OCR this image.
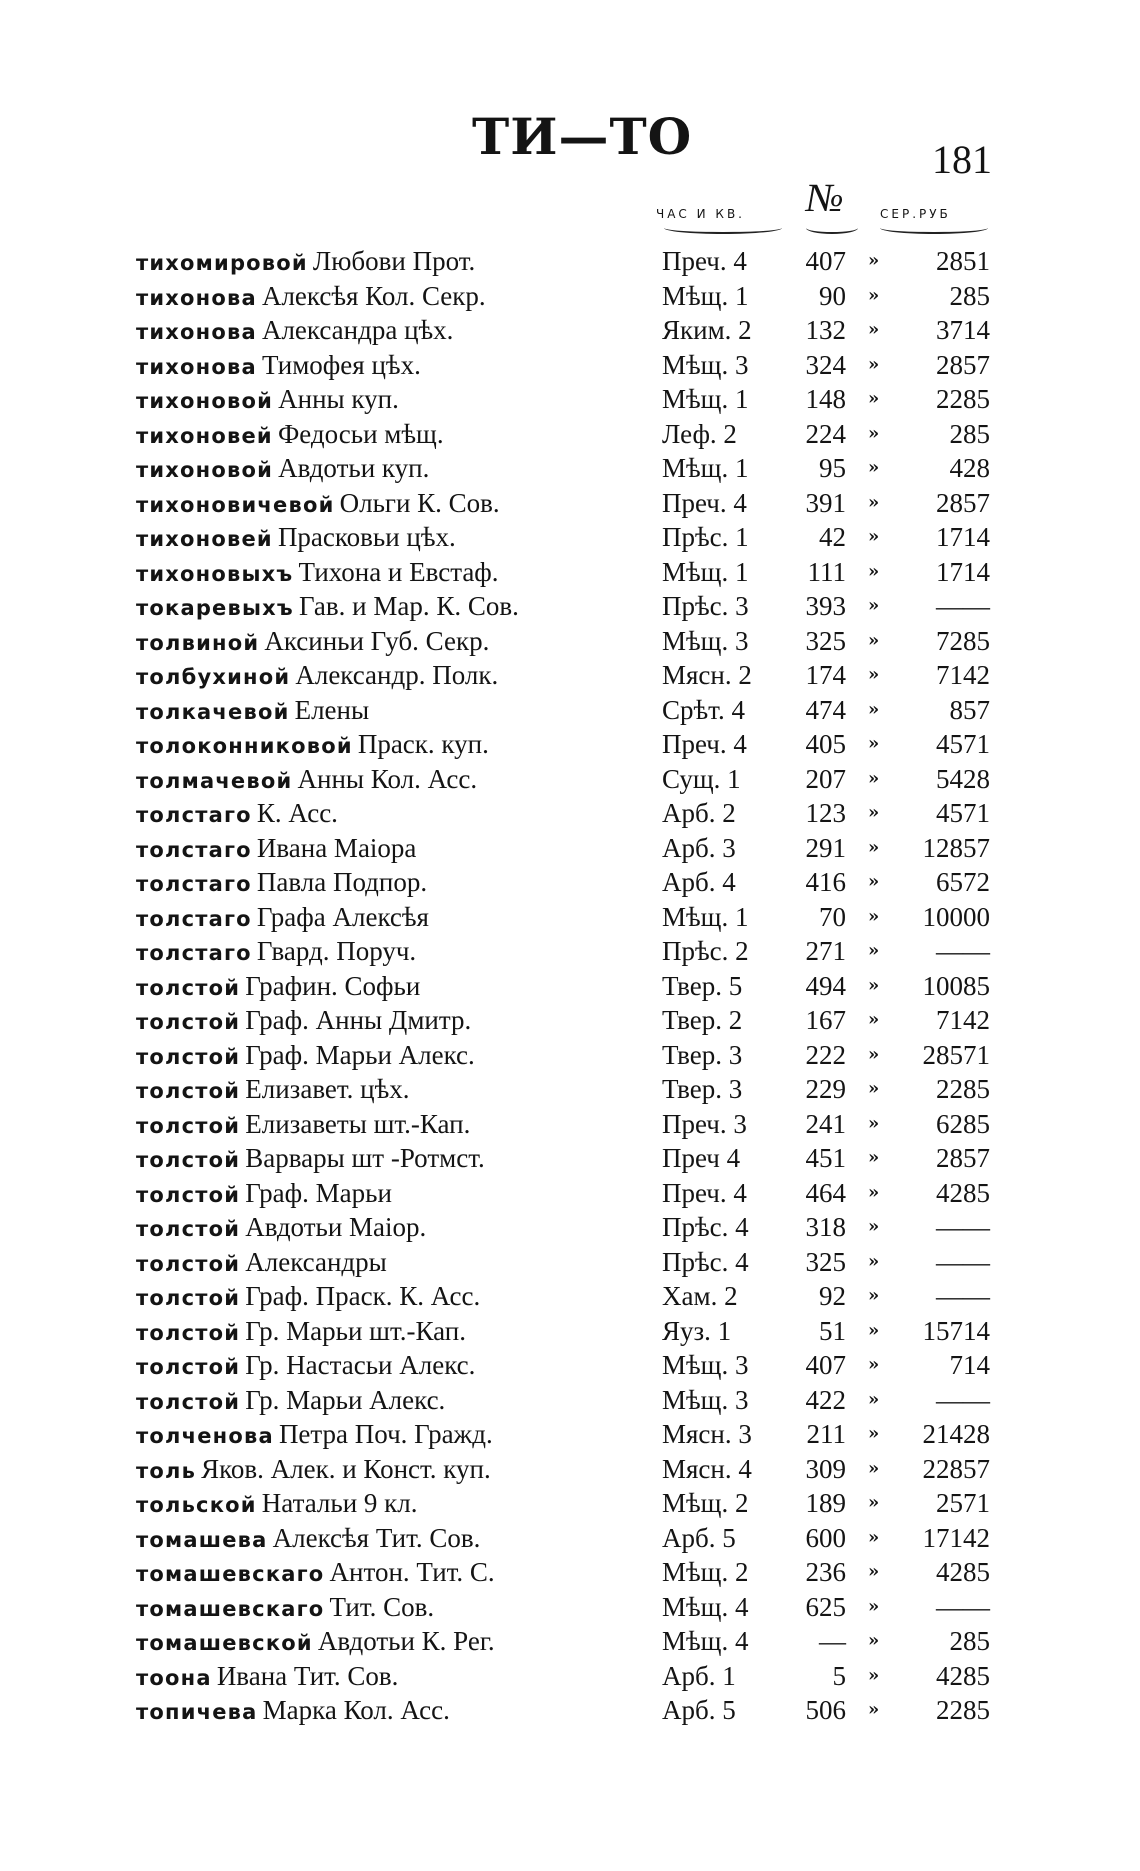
ТИ—ТО	181
ЧАС И КВ. №	СЕР.РУБ
тихомировой Любови Прот.	Преч. 4	407 »	2851
тихонова Алексѣя Кол. Секр.	Мѣщ. 1	90 »	285
тихонова Александра цѣх.	Яким. 2	132 »	3714
тихонова Тимофея цѣх.	Мѣщ. 3	324 »	2857
тихоновой Анны куп.	Мѣщ. 1	148 »	2285
тихоновей Федосьи мѣщ.	Леф. 2	224 »	285
тихоновой Авдотьи куп.	Мѣщ. 1	95 »	428
тихоновичевой Ольги К. Сов.	Преч. 4	391 »	2857
тихоновей Прасковьи цѣх.	Прѣс. 1	42 »	1714
тихоновыхъ Тихона и Евстаф.	Мѣщ. 1	111 »	1714
токаревыхъ Гав. и Мар. К. Сов.	Прѣс. 3	393 »	——
толвиной Аксиньи Губ. Секр.	Мѣщ. 3	325 »	7285
толбухиной Александр. Полк.	Мясн. 2	174 »	7142
толкачевой Елены	Срѣт. 4	474 »	857
толоконниковой Праск. куп.	Преч. 4	405 »	4571
толмачевой Анны Кол. Асс.	Сущ. 1	207 »	5428
толстаго К. Асс.	Арб. 2	123 »	4571
толстаго Ивана Маіора	Арб. 3	291 »	12857
толстаго Павла Подпор.	Арб. 4	416 »	6572
толстаго Графа Алексѣя	Мѣщ. 1	70 »	10000
толстаго Гвард. Поруч.	Прѣс. 2	271 »	——
толстой Графин. Софьи	Твер. 5	494 »	10085
толстой Граф. Анны Дмитр.	Твер. 2	167 »	7142
толстой Граф. Марьи Алекс.	Твер. 3	222 »	28571
толстой Елизавет. цѣх.	Твер. 3	229 »	2285
толстой Елизаветы шт.-Кап.	Преч. 3	241 »	6285
толстой Варвары шт -Ротмст.	Преч 4	451 »	2857
толстой Граф. Марьи	Преч. 4	464 »	4285
толстой Авдотьи Маіор.	Прѣс. 4	318 »	——
толстой Александры	Прѣс. 4	325 »	——
толстой Граф. Праск. К. Асс.	Хам. 2	92 »	——
толстой Гр. Марьи шт.-Кап.	Яуз. 1	51 »	15714
толстой Гр. Настасьи Алекс.	Мѣщ. 3	407 »	714
толстой Гр. Марьи Алекс.	Мѣщ. 3	422 »	——
толченова Петра Поч. Гражд.	Мясн. 3	211 »	21428
толь Яков. Алек. и Конст. куп.	Мясн. 4	309 »	22857
тольской Натальи 9 кл.	Мѣщ. 2	189 »	2571
томашева Алексѣя Тит. Сов.	Арб. 5	600 »	17142
томашевскаго Антон. Тит. С.	Мѣщ. 2	236 »	4285
томашевскаго Тит. Сов.	Мѣщ. 4	625 »	——
томашевской Авдотьи К. Рег.	Мѣщ. 4	— »	285
тоона Ивана Тит. Сов.	Арб. 1	5 »	4285
топичева Марка Кол. Асс.	Арб. 5	506 »	2285
